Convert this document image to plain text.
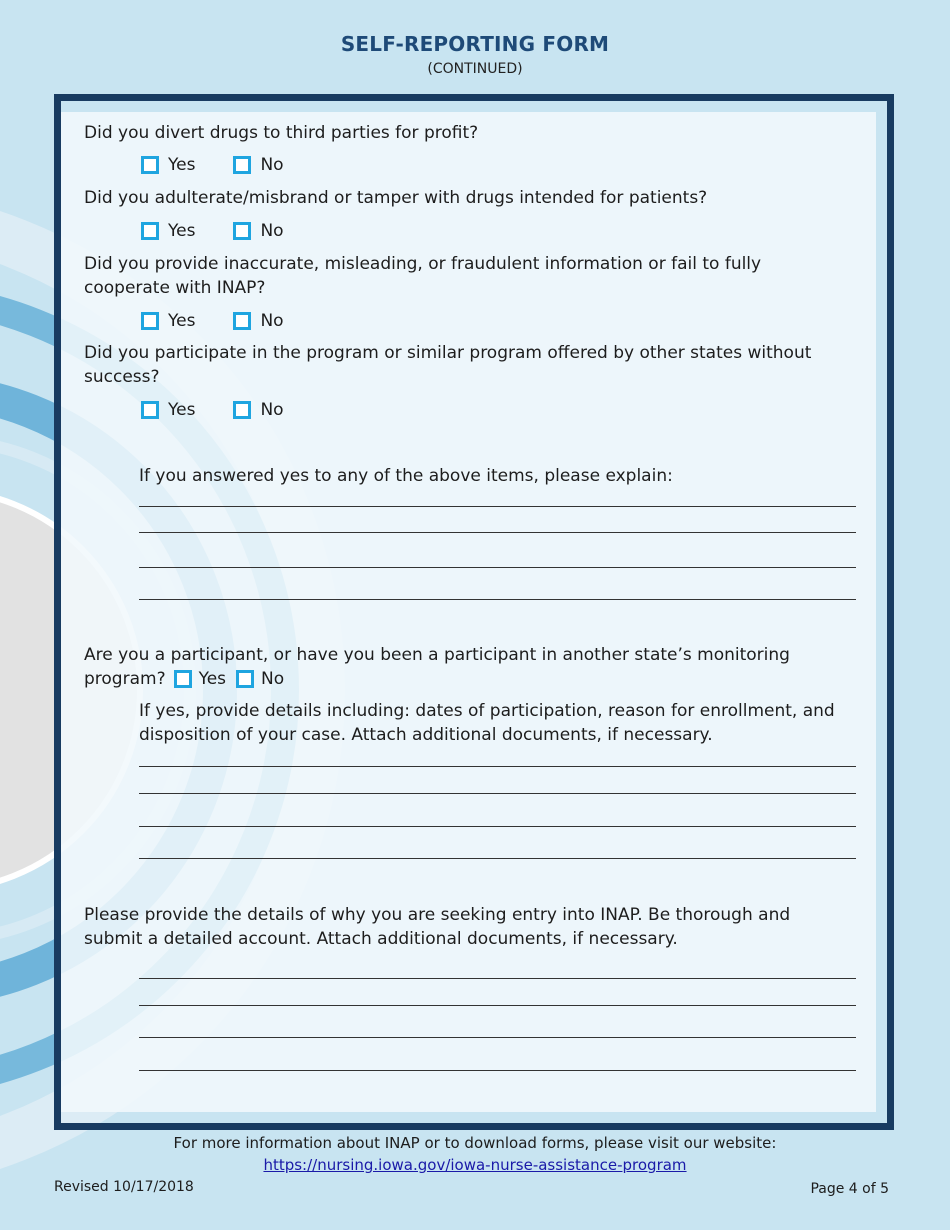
SELF-REPORTING FORM
(CONTINUED)
Did you divert drugs to third parties for profit?
Yes	No
Did you adulterate/misbrand or tamper with drugs intended for patients?
Yes	No
Did you provide inaccurate, misleading, or fraudulent information or fail to fully
cooperate with INAP?
Yes	No
Did you participate in the program or similar program offered by other states without
success?
Yes	No
If you answered yes to any of the above items, please explain:
Are you a participant, or have you been a participant in another state’s monitoring
program? Yes No
If yes, provide details including: dates of participation, reason for enrollment, and
disposition of your case. Attach additional documents, if necessary.
Please provide the details of why you are seeking entry into INAP. Be thorough and
submit a detailed account. Attach additional documents, if necessary.
For more information about INAP or to download forms, please visit our website:
https://nursing.iowa.gov/iowa-nurse-assistance-program
Revised 10/17/2018	Page 4 of 5
